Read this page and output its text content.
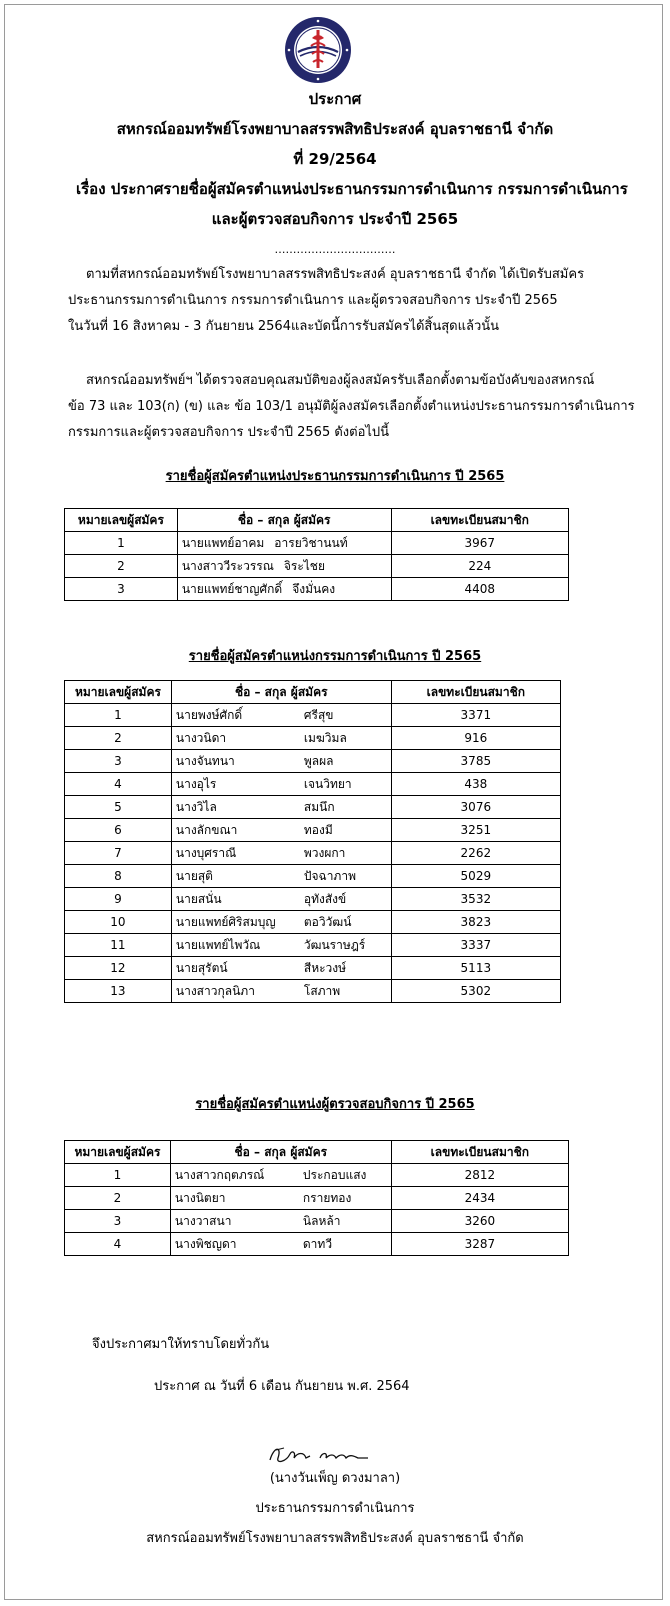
ประกาศ
สหกรณ์ออมทรัพย์โรงพยาบาลสรรพสิทธิประสงค์ อุบลราชธานี จำกัด
ที่ 29/2564
เรื่อง ประกาศรายชื่อผู้สมัครตำแหน่งประธานกรรมการดำเนินการ กรรมการดำเนินการ
และผู้ตรวจสอบกิจการ ประจำปี 2565
……………………………
ตามที่สหกรณ์ออมทรัพย์โรงพยาบาลสรรพสิทธิประสงค์ อุบลราชธานี จำกัด ได้เปิดรับสมัคร
ประธานกรรมการดำเนินการ กรรมการดำเนินการ และผู้ตรวจสอบกิจการ ประจำปี 2565
ในวันที่ 16 สิงหาคม - 3 กันยายน 2564และบัดนี้การรับสมัครได้สิ้นสุดแล้วนั้น
สหกรณ์ออมทรัพย์ฯ ได้ตรวจสอบคุณสมบัติของผู้ลงสมัครรับเลือกตั้งตามข้อบังคับของสหกรณ์
ข้อ 73 และ 103(ก) (ข) และ ข้อ 103/1 อนุมัติผู้ลงสมัครเลือกตั้งตำแหน่งประธานกรรมการดำเนินการ
กรรมการและผู้ตรวจสอบกิจการ ประจำปี 2565 ดังต่อไปนี้
รายชื่อผู้สมัครตำแหน่งประธานกรรมการดำเนินการ ปี 2565
หมายเลขผู้สมัคร	ชื่อ – สกุล ผู้สมัคร	เลขทะเบียนสมาชิก
1	นายแพทย์อาคม อารยวิชานนท์	3967
2	นางสาววีระวรรณ จิระไชย	224
3	นายแพทย์ชาญศักดิ์ จึงมั่นคง	4408
รายชื่อผู้สมัครตำแหน่งกรรมการดำเนินการ ปี 2565
หมายเลขผู้สมัคร	ชื่อ – สกุล ผู้สมัคร	เลขทะเบียนสมาชิก
1	นายพงษ์ศักดิ์ ศรีสุข	3371
2	นางวนิดา เมฆวิมล	916
3	นางจันทนา พูลผล	3785
4	นางอุไร เจนวิทยา	438
5	นางวิไล สมนึก	3076
6	นางลักขณา ทองมี	3251
7	นางบุศราณี พวงผกา	2262
8	นายสุติ ปัจฉาภาพ	5029
9	นายสนั่น อุทังสังข์	3532
10	นายแพทย์ศิริสมบุญ ตอวิวัฒน์	3823
11	นายแพทย์ไพวัณ วัฒนราษฎร์	3337
12	นายสุรัตน์ สีหะวงษ์	5113
13	นางสาวกุลนิภา โสภาพ	5302
รายชื่อผู้สมัครตำแหน่งผู้ตรวจสอบกิจการ ปี 2565
หมายเลขผู้สมัคร	ชื่อ – สกุล ผู้สมัคร	เลขทะเบียนสมาชิก
1	นางสาวกฤตภรณ์ ประกอบแสง	2812
2	นางนิตยา กรายทอง	2434
3	นางวาสนา นิลหล้า	3260
4	นางพิชญดา ดาทวี	3287
จึงประกาศมาให้ทราบโดยทั่วกัน
ประกาศ ณ วันที่ 6 เดือน กันยายน พ.ศ. 2564
(นางวันเพ็ญ ดวงมาลา)
ประธานกรรมการดำเนินการ
สหกรณ์ออมทรัพย์โรงพยาบาลสรรพสิทธิประสงค์ อุบลราชธานี จำกัด
